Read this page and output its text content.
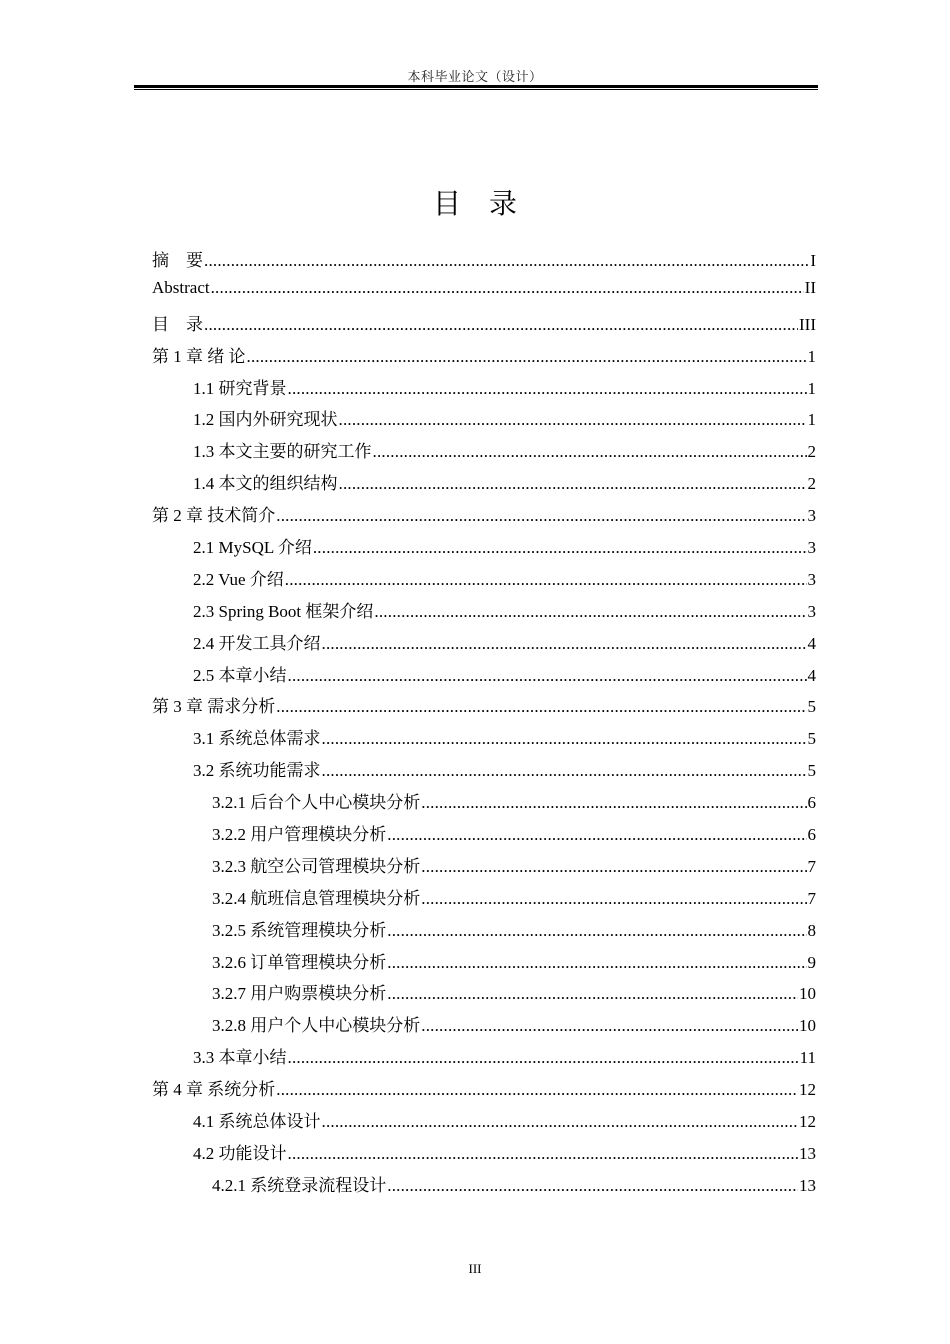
本科毕业论文（设计）
目 录
摘　要 .....	I
Abstract .....	II
目　录 .....	III
第 1 章 绪 论 .....	1
1.1 研究背景 .....	1
1.2 国内外研究现状 .....	1
1.3 本文主要的研究工作 .....	2
1.4 本文的组织结构 .....	2
第 2 章 技术简介 .....	3
2.1 MySQL 介绍 .....	3
2.2 Vue 介绍 .....	3
2.3 Spring Boot 框架介绍 .....	3
2.4 开发工具介绍 .....	4
2.5 本章小结 .....	4
第 3 章 需求分析 .....	5
3.1 系统总体需求 .....	5
3.2 系统功能需求 .....	5
3.2.1 后台个人中心模块分析 .....	6
3.2.2 用户管理模块分析 .....	6
3.2.3 航空公司管理模块分析 .....	7
3.2.4 航班信息管理模块分析 .....	7
3.2.5 系统管理模块分析 .....	8
3.2.6 订单管理模块分析 .....	9
3.2.7 用户购票模块分析 .....	10
3.2.8 用户个人中心模块分析 .....	10
3.3 本章小结 .....	11
第 4 章 系统分析 .....	12
4.1 系统总体设计 .....	12
4.2 功能设计 .....	13
4.2.1 系统登录流程设计 .....	13
III
